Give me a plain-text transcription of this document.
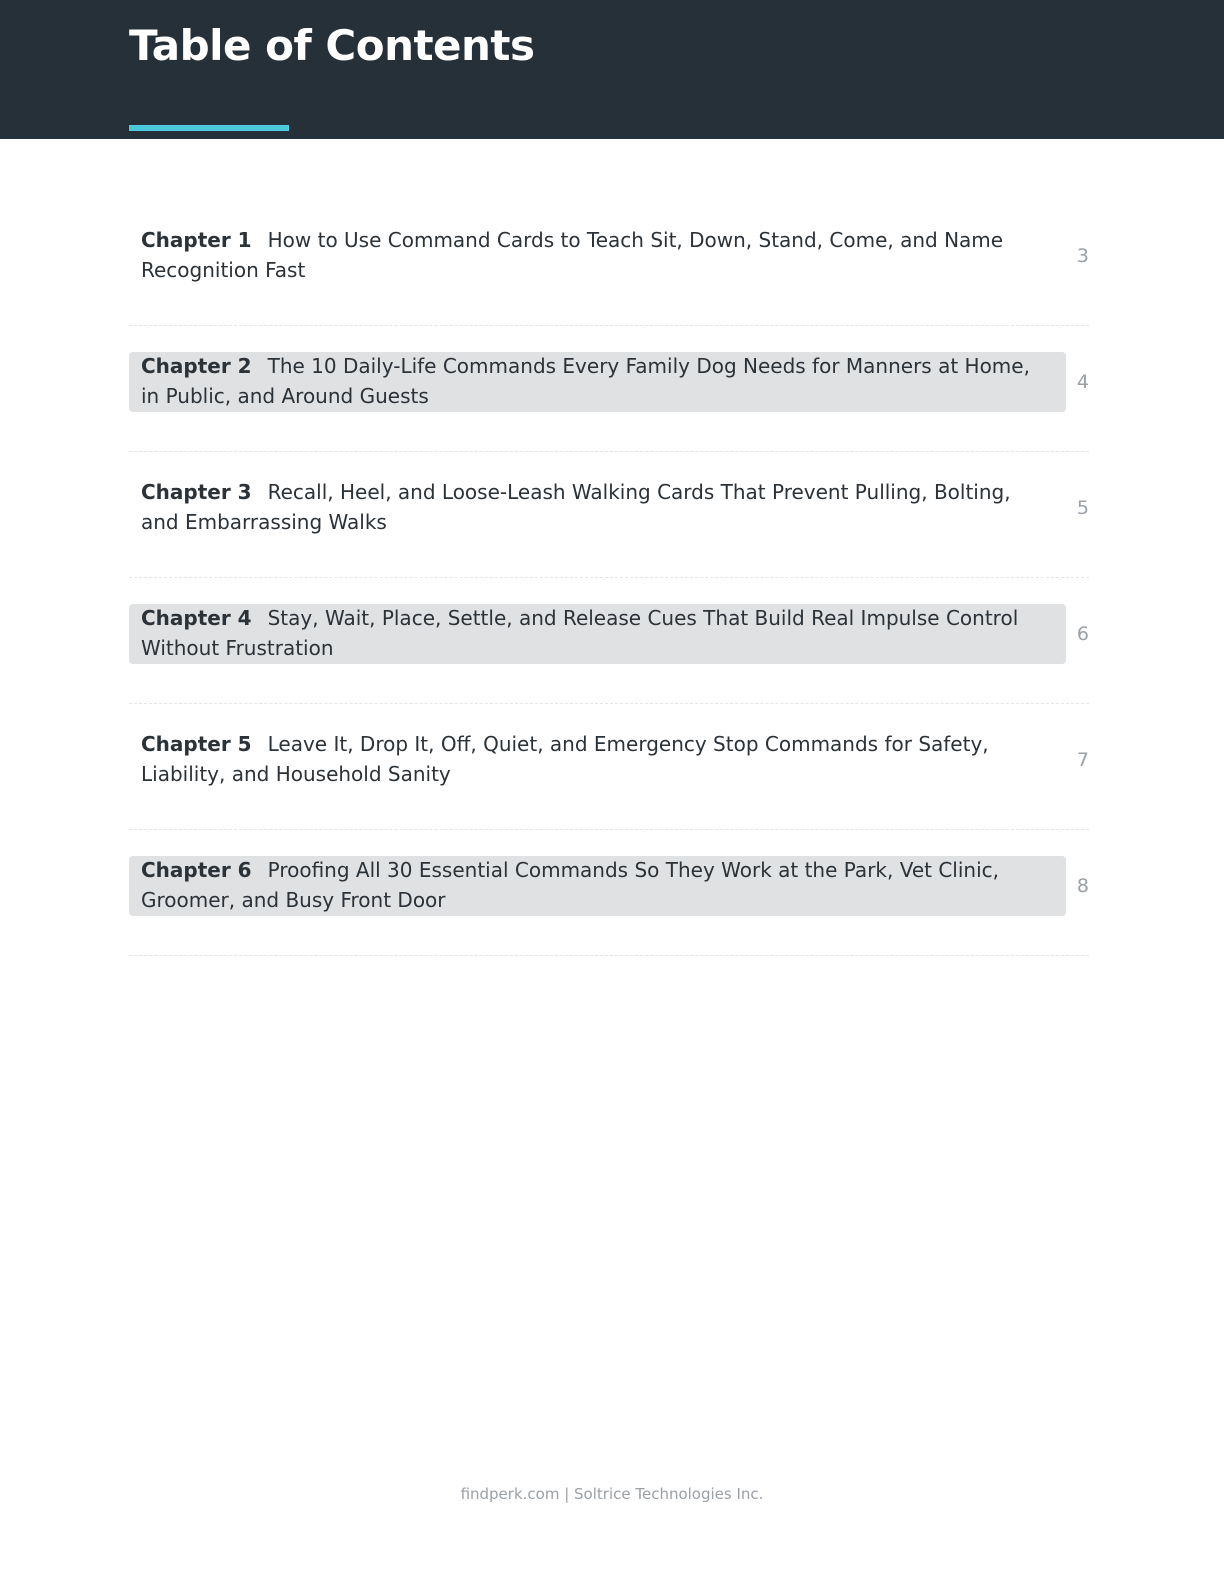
Table of Contents
Chapter 1 How to Use Command Cards to Teach Sit, Down, Stand, Come, and Name Recognition Fast
3
Chapter 2 The 10 Daily-Life Commands Every Family Dog Needs for Manners at Home, in Public, and Around Guests
4
Chapter 3 Recall, Heel, and Loose-Leash Walking Cards That Prevent Pulling, Bolting, and Embarrassing Walks
5
Chapter 4 Stay, Wait, Place, Settle, and Release Cues That Build Real Impulse Control Without Frustration
6
Chapter 5 Leave It, Drop It, Off, Quiet, and Emergency Stop Commands for Safety, Liability, and Household Sanity
7
Chapter 6 Proofing All 30 Essential Commands So They Work at the Park, Vet Clinic, Groomer, and Busy Front Door
8
findperk.com | Soltrice Technologies Inc.
